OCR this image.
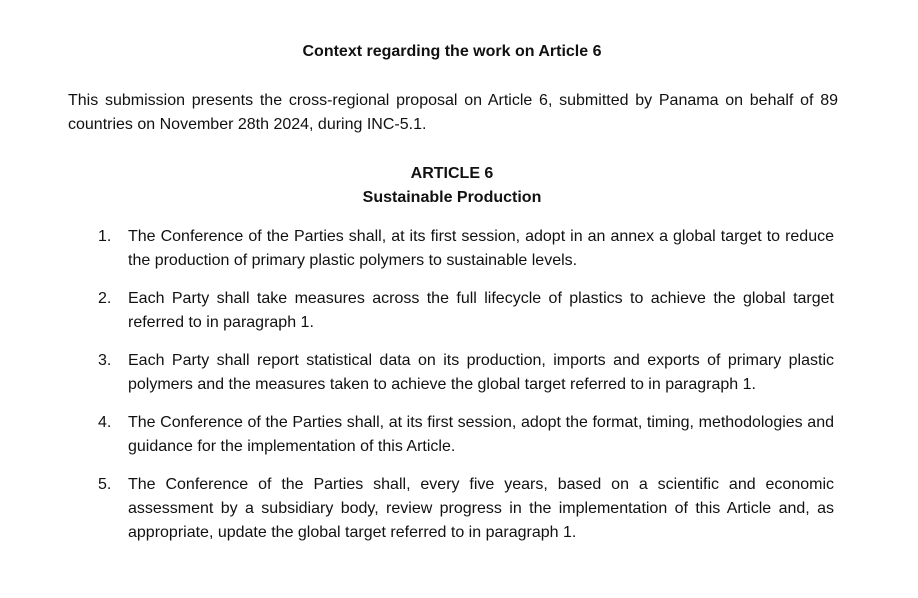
Context regarding the work on Article 6
This submission presents the cross-regional proposal on Article 6, submitted by Panama on behalf of 89 countries on November 28th 2024, during INC-5.1.
ARTICLE 6
Sustainable Production
1.	The Conference of the Parties shall, at its first session, adopt in an annex a global target to reduce the production of primary plastic polymers to sustainable levels.
2.	Each Party shall take measures across the full lifecycle of plastics to achieve the global target referred to in paragraph 1.
3.	Each Party shall report statistical data on its production, imports and exports of primary plastic polymers and the measures taken to achieve the global target referred to in paragraph 1.
4.	The Conference of the Parties shall, at its first session, adopt the format, timing, methodologies and guidance for the implementation of this Article.
5.	The Conference of the Parties shall, every five years, based on a scientific and economic assessment by a subsidiary body, review progress in the implementation of this Article and, as appropriate, update the global target referred to in paragraph 1.
